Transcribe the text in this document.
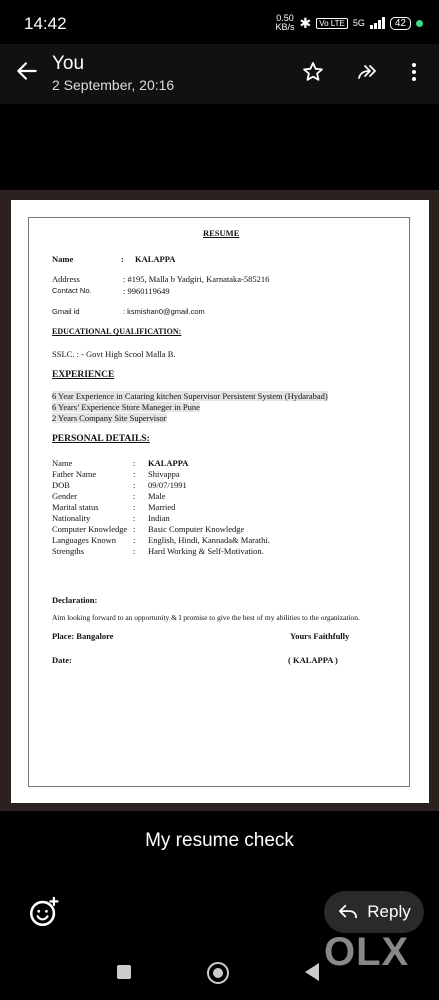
14:42	0.50
KB/s ✱	Vo LTE 5G	42
You
2 September, 20:16
RESUME
Name	: KALAPPA
Address	: #195, Malla b Yadgiri, Karnataka-585216
Contact No.	: 9960119649
Gmail id	: ksmishan0@gmail.com
EDUCATIONAL QUALIFICATION:
SSLC. : - Govt High Scool Malla B.
EXPERIENCE
6 Year Experience in Cataring kitchen Supervisor Persistent System (Hydarabad)
6 Years’ Experience Store Maneger in Pune
2 Years Company Site Supervisor
PERSONAL DETAILS:
Name	: KALAPPA
Father Name	: Shivappa
DOB	: 09/07/1991
Gender	: Male
Marital status	: Married
Nationality	: Indian
Computer Knowledge : Basic Computer Knowledge
Languages Known : English, Hindi, Kannada& Marathi.
Strengths	: Hard Working & Self-Motivation.
Declaration:
Aim looking forward to an opportunity & I promise to give the best of my abilities to the organization.
Place: Bangalore	Yours Faithfully
Date:	( KALAPPA )
My resume check
Reply
OLX
